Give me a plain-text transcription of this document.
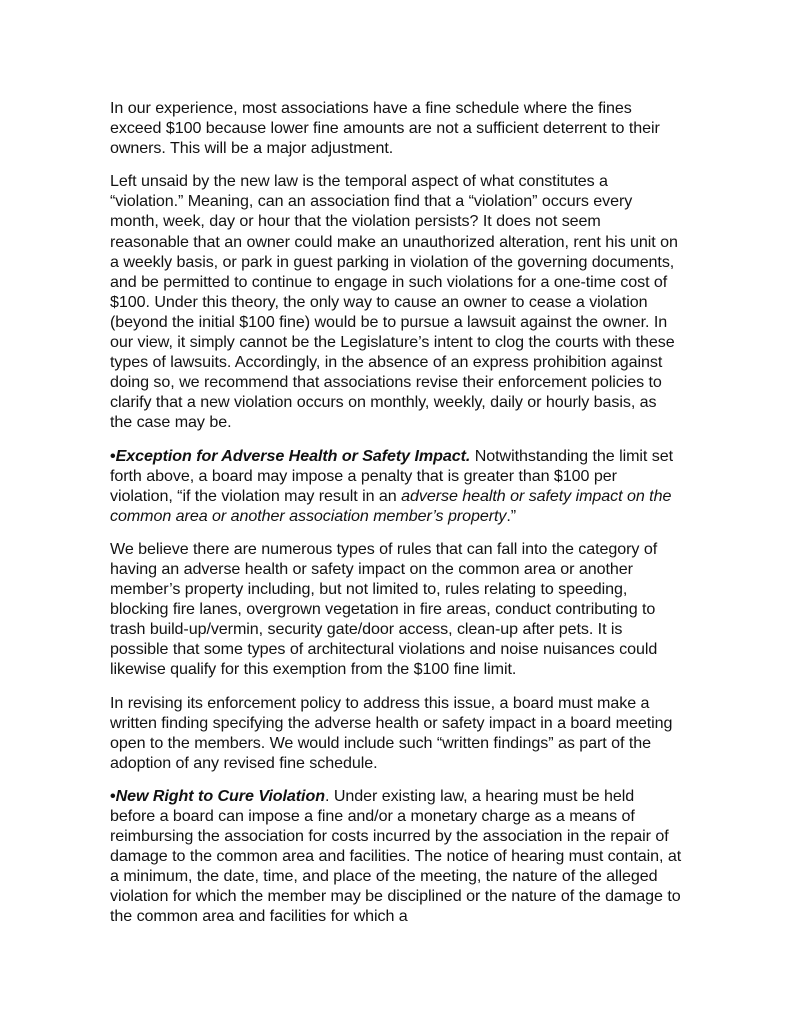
In our experience, most associations have a fine schedule where the fines exceed $100 because lower fine amounts are not a sufficient deterrent to their owners. This will be a major adjustment.

Left unsaid by the new law is the temporal aspect of what constitutes a “violation.” Meaning, can an association find that a “violation” occurs every month, week, day or hour that the violation persists? It does not seem reasonable that an owner could make an unauthorized alteration, rent his unit on a weekly basis, or park in guest parking in violation of the governing documents, and be permitted to continue to engage in such violations for a one-time cost of $100. Under this theory, the only way to cause an owner to cease a violation (beyond the initial $100 fine) would be to pursue a lawsuit against the owner. In our view, it simply cannot be the Legislature’s intent to clog the courts with these types of lawsuits. Accordingly, in the absence of an express prohibition against doing so, we recommend that associations revise their enforcement policies to clarify that a new violation occurs on monthly, weekly, daily or hourly basis, as the case may be.

•Exception for Adverse Health or Safety Impact. Notwithstanding the limit set forth above, a board may impose a penalty that is greater than $100 per violation, “if the violation may result in an adverse health or safety impact on the common area or another association member’s property.”

We believe there are numerous types of rules that can fall into the category of having an adverse health or safety impact on the common area or another member’s property including, but not limited to, rules relating to speeding, blocking fire lanes, overgrown vegetation in fire areas, conduct contributing to trash build-up/vermin, security gate/door access, clean-up after pets. It is possible that some types of architectural violations and noise nuisances could likewise qualify for this exemption from the $100 fine limit.

In revising its enforcement policy to address this issue, a board must make a written finding specifying the adverse health or safety impact in a board meeting open to the members. We would include such “written findings” as part of the adoption of any revised fine schedule.

•New Right to Cure Violation. Under existing law, a hearing must be held before a board can impose a fine and/or a monetary charge as a means of reimbursing the association for costs incurred by the association in the repair of damage to the common area and facilities. The notice of hearing must contain, at a minimum, the date, time, and place of the meeting, the nature of the alleged violation for which the member may be disciplined or the nature of the damage to the common area and facilities for which a
